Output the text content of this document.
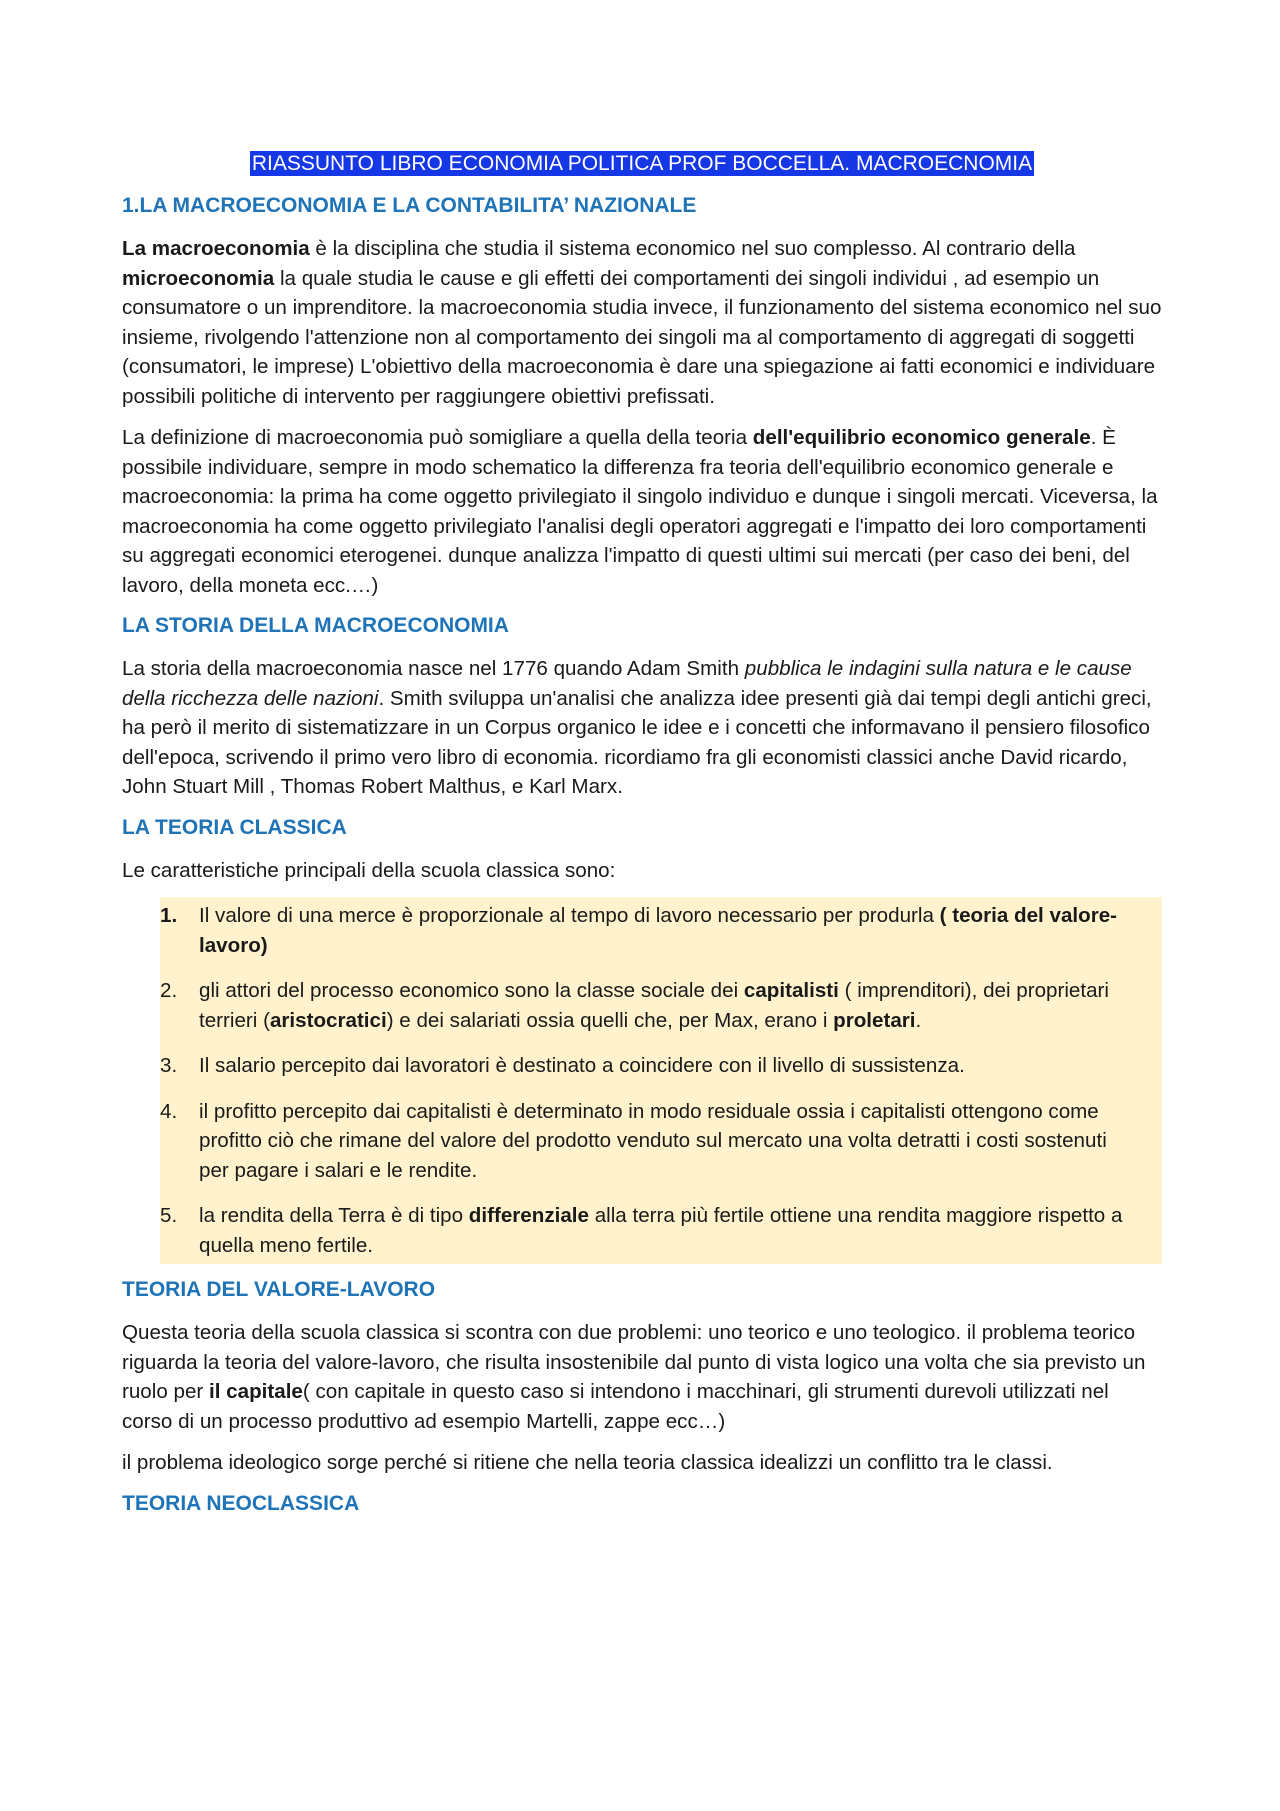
RIASSUNTO LIBRO ECONOMIA POLITICA PROF BOCCELLA. MACROECNOMIA
1.LA MACROECONOMIA E LA CONTABILITA’ NAZIONALE

La macroeconomia è la disciplina che studia il sistema economico nel suo complesso. Al contrario della microeconomia la quale studia le cause e gli effetti dei comportamenti dei singoli individui , ad esempio un consumatore o un imprenditore. la macroeconomia studia invece, il funzionamento del sistema economico nel suo insieme, rivolgendo l'attenzione non al comportamento dei singoli ma al comportamento di aggregati di soggetti (consumatori, le imprese) L'obiettivo della macroeconomia è dare una spiegazione ai fatti economici e individuare possibili politiche di intervento per raggiungere obiettivi prefissati.

La definizione di macroeconomia può somigliare a quella della teoria dell'equilibrio economico generale. È possibile individuare, sempre in modo schematico la differenza fra teoria dell'equilibrio economico generale e macroeconomia: la prima ha come oggetto privilegiato il singolo individuo e dunque i singoli mercati. Viceversa, la macroeconomia ha come oggetto privilegiato l'analisi degli operatori aggregati e l'impatto dei loro comportamenti su aggregati economici eterogenei. dunque analizza l'impatto di questi ultimi sui mercati (per caso dei beni, del lavoro, della moneta ecc.…)

LA STORIA DELLA MACROECONOMIA

La storia della macroeconomia nasce nel 1776 quando Adam Smith pubblica le indagini sulla natura e le cause della ricchezza delle nazioni. Smith sviluppa un'analisi che analizza idee presenti già dai tempi degli antichi greci, ha però il merito di sistematizzare in un Corpus organico le idee e i concetti che informavano il pensiero filosofico dell'epoca, scrivendo il primo vero libro di economia. ricordiamo fra gli economisti classici anche David ricardo, John Stuart Mill , Thomas Robert Malthus, e Karl Marx.

LA TEORIA CLASSICA

Le caratteristiche principali della scuola classica sono:

1.	Il valore di una merce è proporzionale al tempo di lavoro necessario per produrla ( teoria del valore-lavoro)
2.	gli attori del processo economico sono la classe sociale dei capitalisti ( imprenditori), dei proprietari terrieri (aristocratici) e dei salariati ossia quelli che, per Max, erano i proletari.
3.	Il salario percepito dai lavoratori è destinato a coincidere con il livello di sussistenza.
4.	il profitto percepito dai capitalisti è determinato in modo residuale ossia i capitalisti ottengono come profitto ciò che rimane del valore del prodotto venduto sul mercato una volta detratti i costi sostenuti per pagare i salari e le rendite.
5.	la rendita della Terra è di tipo differenziale alla terra più fertile ottiene una rendita maggiore rispetto a quella meno fertile.
TEORIA DEL VALORE-LAVORO

Questa teoria della scuola classica si scontra con due problemi: uno teorico e uno teologico. il problema teorico riguarda la teoria del valore-lavoro, che risulta insostenibile dal punto di vista logico una volta che sia previsto un ruolo per il capitale( con capitale in questo caso si intendono i macchinari, gli strumenti durevoli utilizzati nel corso di un processo produttivo ad esempio Martelli, zappe ecc…)

il problema ideologico sorge perché si ritiene che nella teoria classica idealizzi un conflitto tra le classi.

TEORIA NEOCLASSICA
